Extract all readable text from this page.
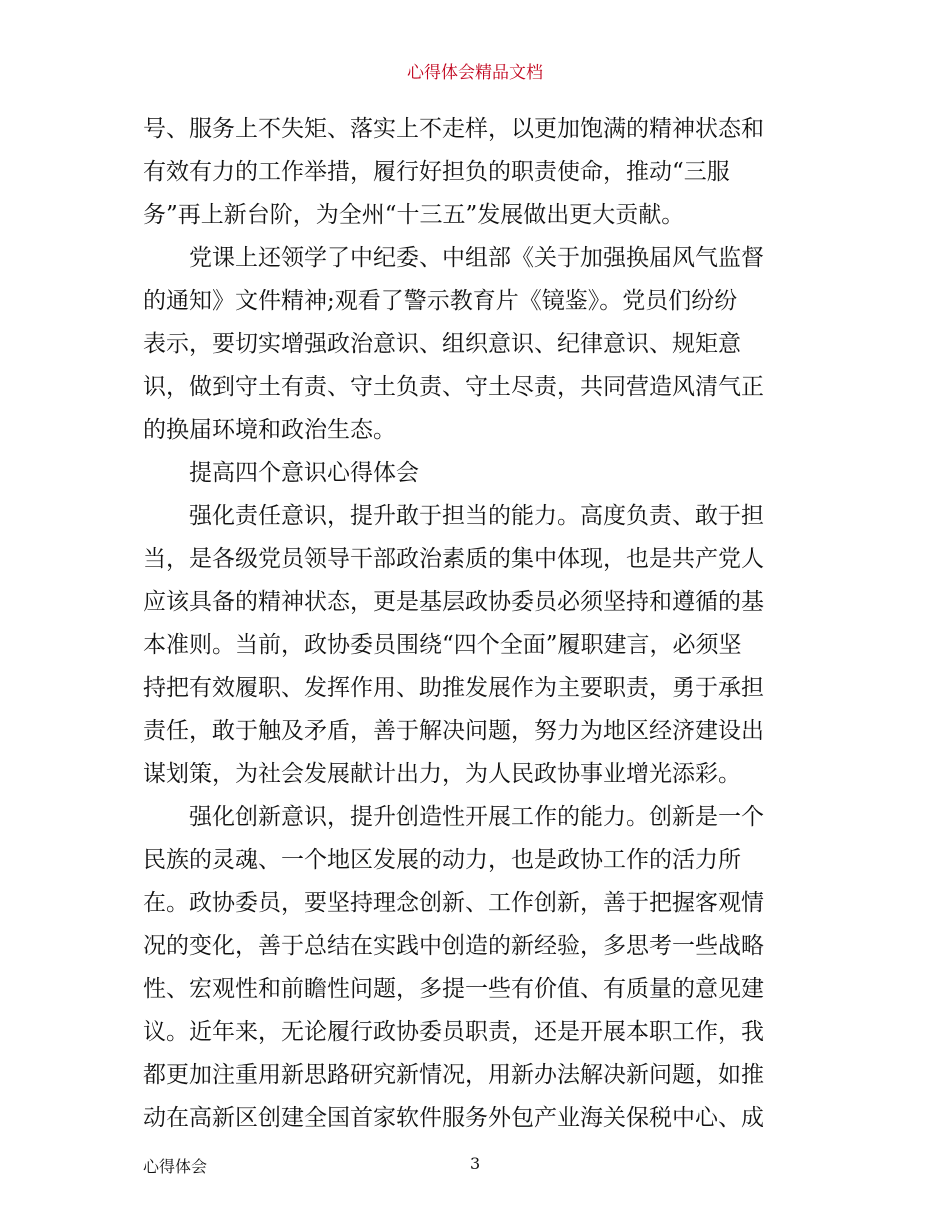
心得体会精品文档
号、服务上不失矩、落实上不走样，以更加饱满的精神状态和
有效有力的工作举措，履行好担负的职责使命，推动“三服
务”再上新台阶，为全州“十三五”发展做出更大贡献。
党课上还领学了中纪委、中组部《关于加强换届风气监督
的通知》文件精神;观看了警示教育片《镜鉴》。党员们纷纷
表示，要切实增强政治意识、组织意识、纪律意识、规矩意
识，做到守土有责、守土负责、守土尽责，共同营造风清气正
的换届环境和政治生态。
提高四个意识心得体会
强化责任意识，提升敢于担当的能力。高度负责、敢于担
当，是各级党员领导干部政治素质的集中体现，也是共产党人
应该具备的精神状态，更是基层政协委员必须坚持和遵循的基
本准则。当前，政协委员围绕“四个全面”履职建言，必须坚
持把有效履职、发挥作用、助推发展作为主要职责，勇于承担
责任，敢于触及矛盾，善于解决问题，努力为地区经济建设出
谋划策，为社会发展献计出力，为人民政协事业增光添彩。
强化创新意识，提升创造性开展工作的能力。创新是一个
民族的灵魂、一个地区发展的动力，也是政协工作的活力所
在。政协委员，要坚持理念创新、工作创新，善于把握客观情
况的变化，善于总结在实践中创造的新经验，多思考一些战略
性、宏观性和前瞻性问题，多提一些有价值、有质量的意见建
议。近年来，无论履行政协委员职责，还是开展本职工作，我
都更加注重用新思路研究新情况，用新办法解决新问题，如推
动在高新区创建全国首家软件服务外包产业海关保税中心、成
心得体会	3
